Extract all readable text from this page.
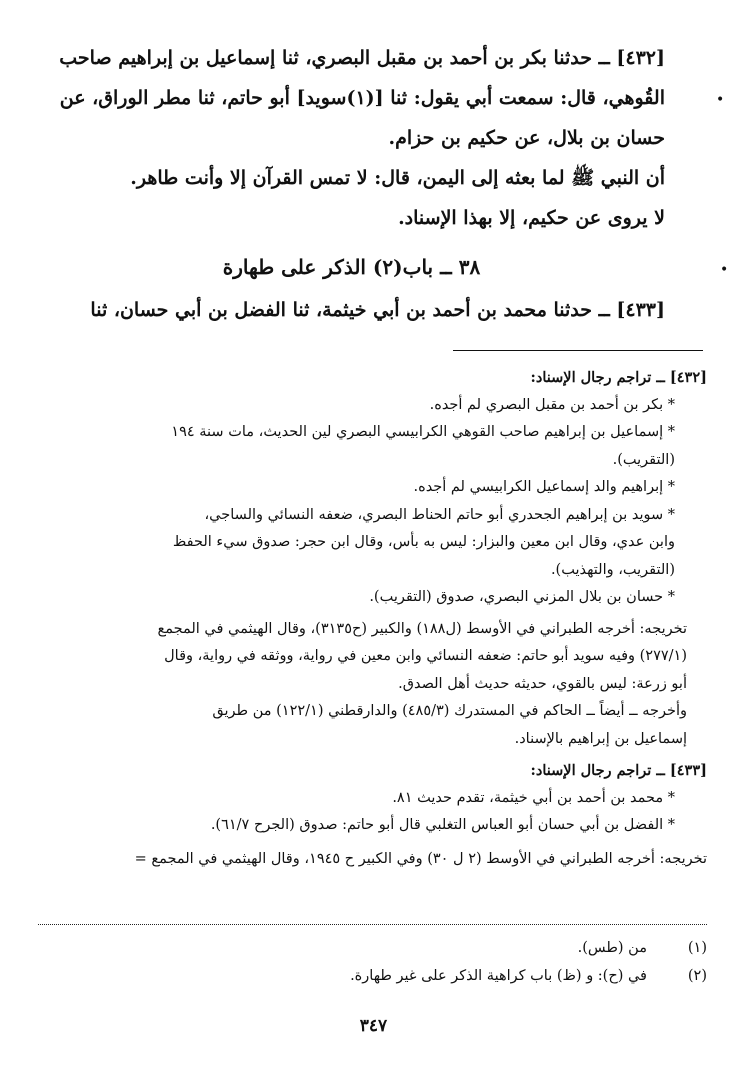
•
•

[٤٣٢] ــ حدثنا بكر بن أحمد بن مقبل البصري، ثنا إسماعيل بن إبراهيم صاحب

القُوهي، قال: سمعت أبي يقول: ثنا [(١)سويد] أبو حاتم، ثنا مطر الوراق، عن

حسان بن بلال، عن حكيم بن حزام.

أن النبي ﷺ لما بعثه إلى اليمن، قال: لا تمس القرآن إلا وأنت طاهر.

لا يروى عن حكيم، إلا بهذا الإسناد.

٣٨ ــ باب(٢) الذكر على طهارة
[٤٣٣] ــ حدثنا محمد بن أحمد بن أبي خيثمة، ثنا الفضل بن أبي حسان، ثنا

[٤٣٢] ــ تراجم رجال الإسناد:

* بكر بن أحمد بن مقبل البصري لم أجده.

* إسماعيل بن إبراهيم صاحب القوهي الكرابيسي البصري لين الحديث، مات سنة ١٩٤

(التقريب).

* إبراهيم والد إسماعيل الكرابيسي لم أجده.

* سويد بن إبراهيم الجحدري أبو حاتم الحناط البصري، ضعفه النسائي والساجي،

وابن عدي، وقال ابن معين والبزار: ليس به بأس، وقال ابن حجر: صدوق سيء الحفظ

(التقريب، والتهذيب).

* حسان بن بلال المزني البصري، صدوق (التقريب).

تخريجه: أخرجه الطبراني في الأوسط (ل١٨٨) والكبير (ح٣١٣٥)، وقال الهيثمي في المجمع

(٢٧٧/١) وفيه سويد أبو حاتم: ضعفه النسائي وابن معين في رواية، ووثقه في رواية، وقال

أبو زرعة: ليس بالقوي، حديثه حديث أهل الصدق.

وأخرجه ــ أيضاً ــ الحاكم في المستدرك (٤٨٥/٣) والدارقطني (١٢٢/١) من طريق

إسماعيل بن إبراهيم بالإسناد.

[٤٣٣] ــ تراجم رجال الإسناد:

* محمد بن أحمد بن أبي خيثمة، تقدم حديث ٨١.

* الفضل بن أبي حسان أبو العباس التغلبي قال أبو حاتم: صدوق (الجرح ٦١/٧).

تخريجه: أخرجه الطبراني في الأوسط (٢ ل ٣٠) وفي الكبير ح ١٩٤٥، وقال الهيثمي في المجمع =

(١)من (طس).
(٢)في (ح): و (ظ) باب كراهية الذكر على غير طهارة.
٣٤٧
